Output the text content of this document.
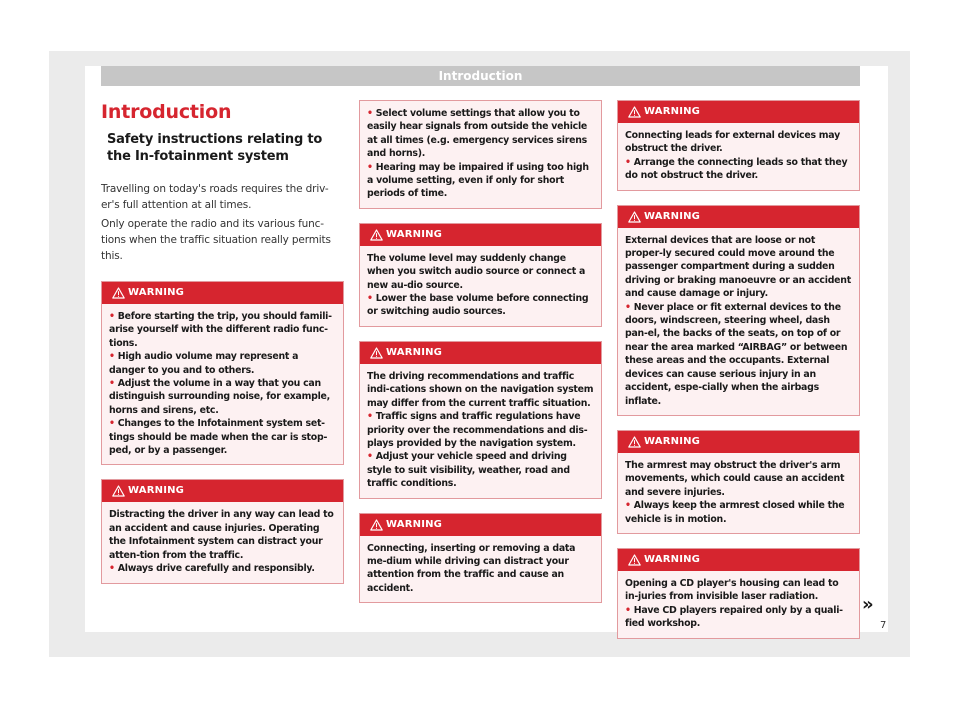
Introduction
Introduction
Safety instructions relating to the In-fotainment system

Travelling on today's roads requires the driv-er's full attention at all times.

Only operate the radio and its various func-tions when the traffic situation really permits this.

WARNING

• Before starting the trip, you should famili-arise yourself with the different radio func-tions.

• High audio volume may represent a danger to you and to others.

• Adjust the volume in a way that you can distinguish surrounding noise, for example, horns and sirens, etc.

• Changes to the Infotainment system set-tings should be made when the car is stop-ped, or by a passenger.

WARNING

Distracting the driver in any way can lead to an accident and cause injuries. Operating the Infotainment system can distract your atten-tion from the traffic.

• Always drive carefully and responsibly.

• Select volume settings that allow you to easily hear signals from outside the vehicle at all times (e.g. emergency services sirens and horns).

• Hearing may be impaired if using too high a volume setting, even if only for short periods of time.

WARNING

The volume level may suddenly change when you switch audio source or connect a new au-dio source.

• Lower the base volume before connecting or switching audio sources.

WARNING

The driving recommendations and traffic indi-cations shown on the navigation system may differ from the current traffic situation.

• Traffic signs and traffic regulations have priority over the recommendations and dis-plays provided by the navigation system.

• Adjust your vehicle speed and driving style to suit visibility, weather, road and traffic conditions.

WARNING

Connecting, inserting or removing a data me-dium while driving can distract your attention from the traffic and cause an accident.

WARNING

Connecting leads for external devices may obstruct the driver.

• Arrange the connecting leads so that they do not obstruct the driver.

WARNING

External devices that are loose or not proper-ly secured could move around the passenger compartment during a sudden driving or braking manoeuvre or an accident and cause damage or injury.

• Never place or fit external devices to the doors, windscreen, steering wheel, dash pan-el, the backs of the seats, on top of or near the area marked “AIRBAG” or between these areas and the occupants. External devices can cause serious injury in an accident, espe-cially when the airbags inflate.

WARNING

The armrest may obstruct the driver's arm movements, which could cause an accident and severe injuries.

• Always keep the armrest closed while the vehicle is in motion.

WARNING

Opening a CD player's housing can lead to in-juries from invisible laser radiation.

• Have CD players repaired only by a quali-fied workshop.

»
7
